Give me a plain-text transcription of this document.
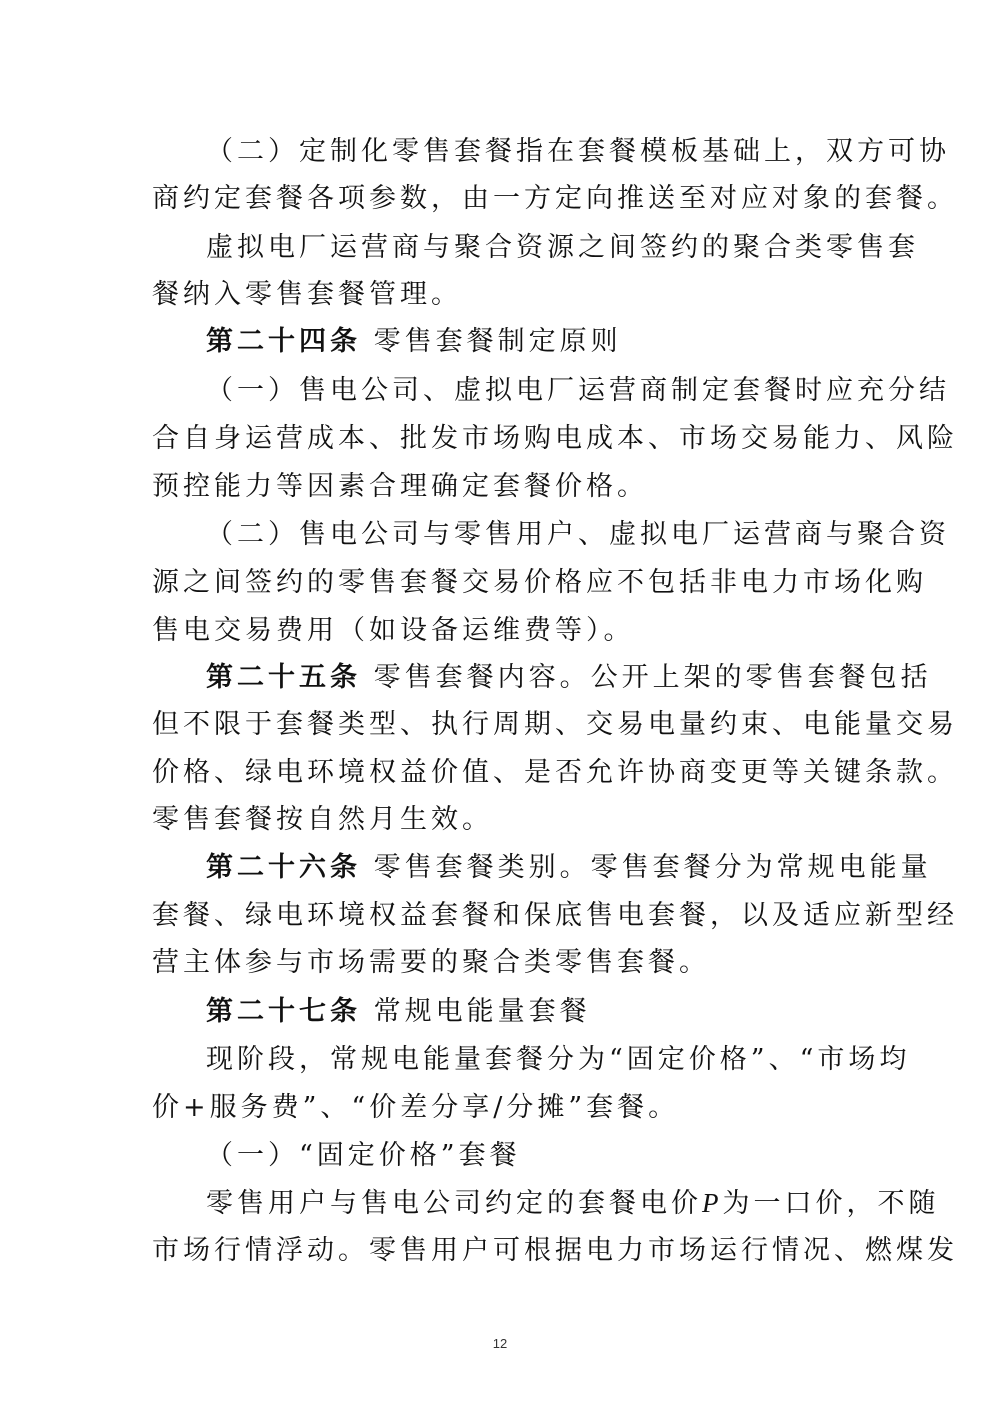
（二）定制化零售套餐指在套餐模板基础上，双方可协
商约定套餐各项参数，由一方定向推送至对应对象的套餐。
虚拟电厂运营商与聚合资源之间签约的聚合类零售套
餐纳入零售套餐管理。
第二十四条 零售套餐制定原则
（一）售电公司、虚拟电厂运营商制定套餐时应充分结
合自身运营成本、批发市场购电成本、市场交易能力、风险
预控能力等因素合理确定套餐价格。
（二）售电公司与零售用户、虚拟电厂运营商与聚合资
源之间签约的零售套餐交易价格应不包括非电力市场化购
售电交易费用（如设备运维费等）。
第二十五条 零售套餐内容。公开上架的零售套餐包括
但不限于套餐类型、执行周期、交易电量约束、电能量交易
价格、绿电环境权益价值、是否允许协商变更等关键条款。
零售套餐按自然月生效。
第二十六条 零售套餐类别。零售套餐分为常规电能量
套餐、绿电环境权益套餐和保底售电套餐，以及适应新型经
营主体参与市场需要的聚合类零售套餐。
第二十七条 常规电能量套餐
现阶段，常规电能量套餐分为“固定价格”、“市场均
价+服务费”、“价差分享/分摊”套餐。
（一）“固定价格”套餐
零售用户与售电公司约定的套餐电价P为一口价，不随
市场行情浮动。零售用户可根据电力市场运行情况、燃煤发
12
